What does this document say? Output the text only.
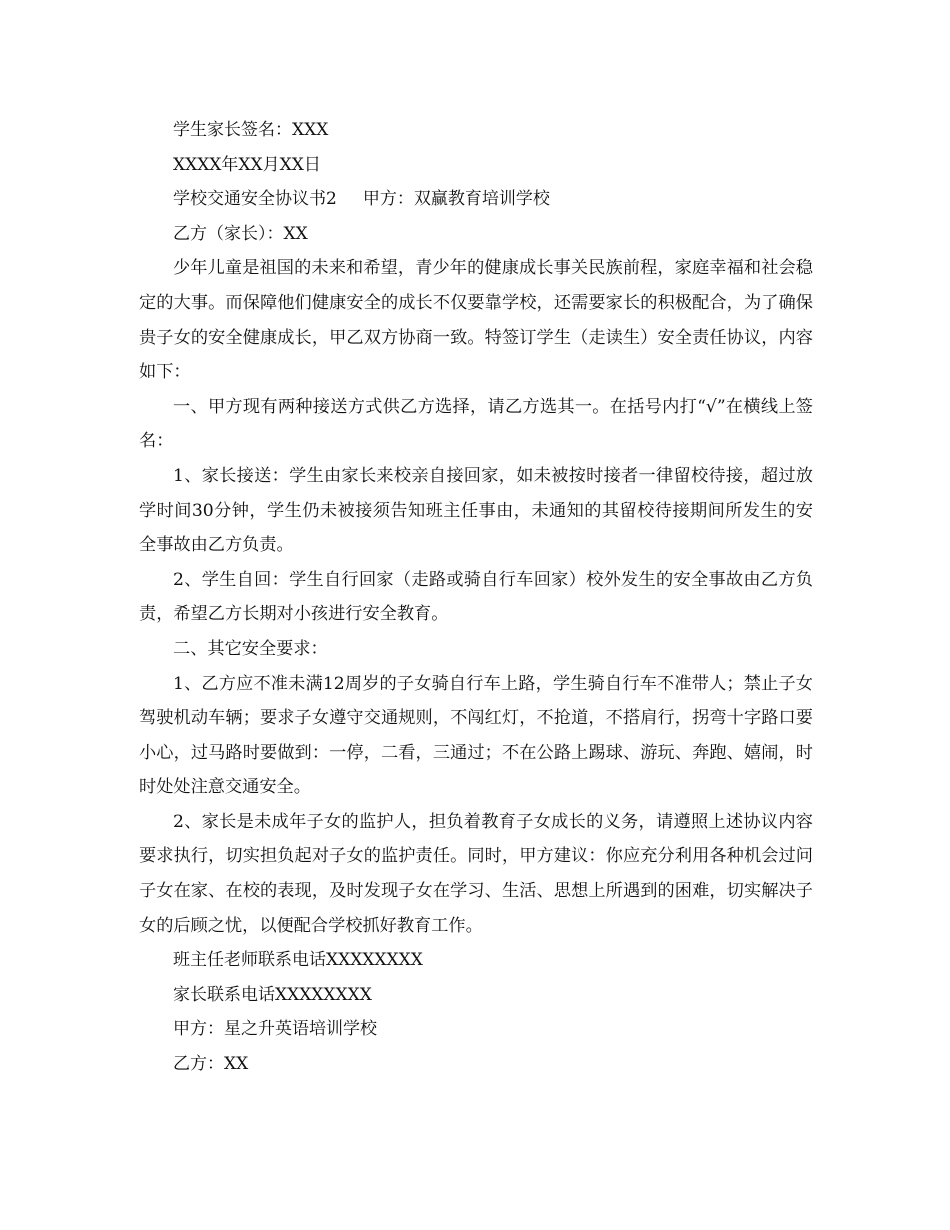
学生家长签名：XXX
XXXX年XX月XX日
学校交通安全协议书2 甲方：双赢教育培训学校
乙方（家长）：XX

少年儿童是祖国的未来和希望，青少年的健康成长事关民族前程，家庭幸福和社会稳定的大事。而保障他们健康安全的成长不仅要靠学校，还需要家长的积极配合，为了确保贵子女的安全健康成长，甲乙双方协商一致。特签订学生（走读生）安全责任协议，内容如下：

一、甲方现有两种接送方式供乙方选择，请乙方选其一。在括号内打“√”在横线上签名：

1、家长接送：学生由家长来校亲自接回家，如未被按时接者一律留校待接，超过放学时间30分钟，学生仍未被接须告知班主任事由，未通知的其留校待接期间所发生的安全事故由乙方负责。

2、学生自回：学生自行回家（走路或骑自行车回家）校外发生的安全事故由乙方负责，希望乙方长期对小孩进行安全教育。

二、其它安全要求：

1、乙方应不准未满12周岁的子女骑自行车上路，学生骑自行车不准带人；禁止子女驾驶机动车辆；要求子女遵守交通规则，不闯红灯，不抢道，不搭肩行，拐弯十字路口要小心，过马路时要做到：一停，二看，三通过；不在公路上踢球、游玩、奔跑、嬉闹，时时处处注意交通安全。

2、家长是未成年子女的监护人，担负着教育子女成长的义务，请遵照上述协议内容要求执行，切实担负起对子女的监护责任。同时，甲方建议：你应充分利用各种机会过问子女在家、在校的表现，及时发现子女在学习、生活、思想上所遇到的困难，切实解决子女的后顾之忧，以便配合学校抓好教育工作。

班主任老师联系电话XXXXXXXX
家长联系电话XXXXXXXX
甲方：星之升英语培训学校
乙方：XX
